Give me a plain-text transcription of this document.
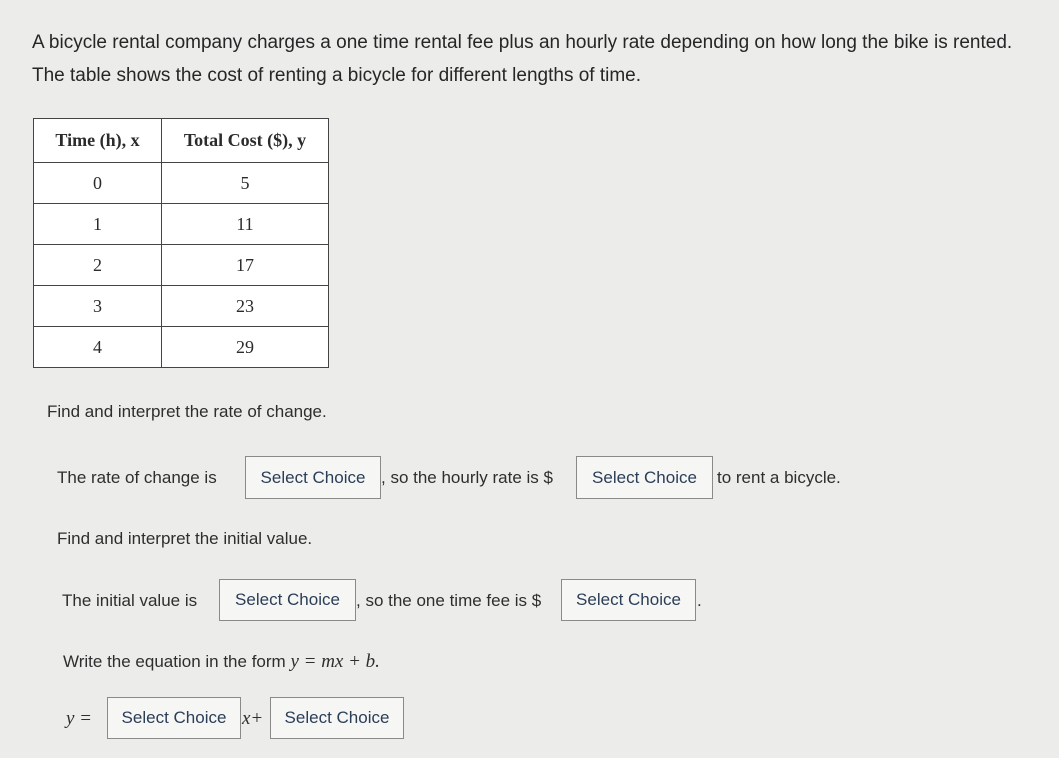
A bicycle rental company charges a one time rental fee plus an hourly rate depending on how long the bike is rented. The table shows the cost of renting a bicycle for different lengths of time.
Time (h), x	Total Cost ($), y
0	5
1	11
2	17
3	23
4	29
Find and interpret the rate of change.
The rate of change is	Select Choice , so the hourly rate is $	Select Choice	to rent a bicycle.
Find and interpret the initial value.
The initial value is	Select Choice , so the one time fee is $	Select Choice .
Write the equation in the form y = mx + b.
y =	Select Choice x+	Select Choice
